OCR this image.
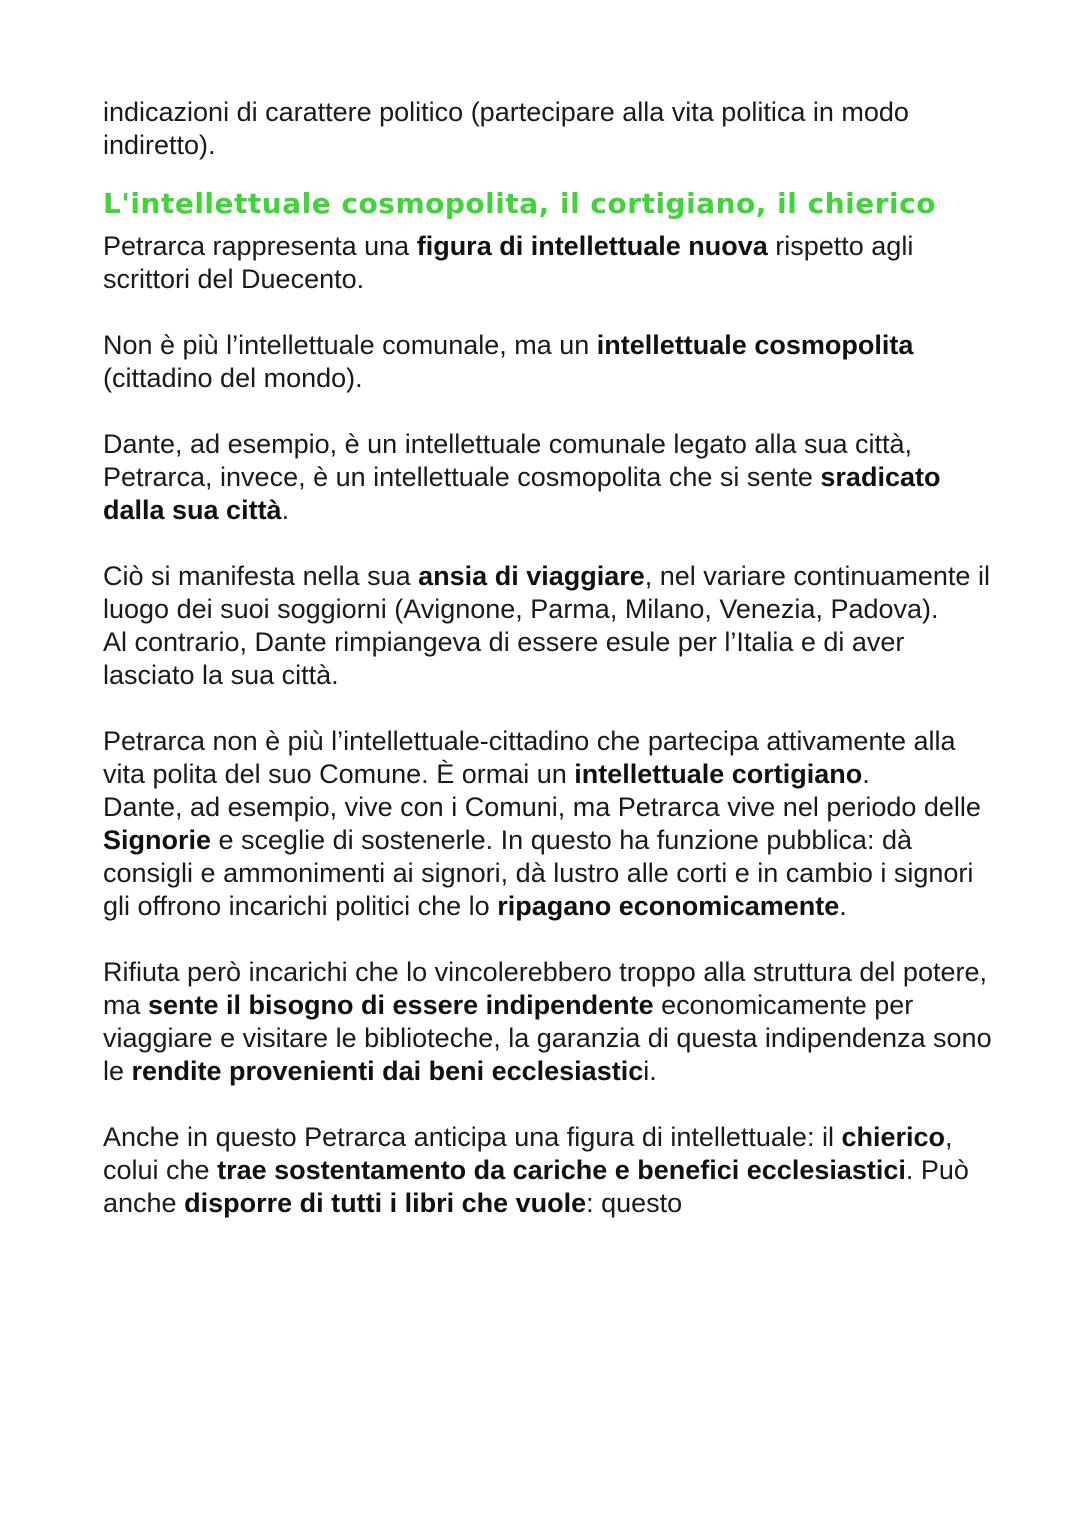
indicazioni di carattere politico (partecipare alla vita politica in modo indiretto).

L'intellettuale cosmopolita, il cortigiano, il chierico

Petrarca rappresenta una figura di intellettuale nuova rispetto agli scrittori del Duecento.

Non è più l’intellettuale comunale, ma un intellettuale cosmopolita (cittadino del mondo).

Dante, ad esempio, è un intellettuale comunale legato alla sua città, Petrarca, invece, è un intellettuale cosmopolita che si sente sradicato dalla sua città.

Ciò si manifesta nella sua ansia di viaggiare, nel variare continuamente il luogo dei suoi soggiorni (Avignone, Parma, Milano, Venezia, Padova).

Al contrario, Dante rimpiangeva di essere esule per l’Italia e di aver lasciato la sua città.

Petrarca non è più l’intellettuale-cittadino che partecipa attivamente alla vita polita del suo Comune. È ormai un intellettuale cortigiano.

Dante, ad esempio, vive con i Comuni, ma Petrarca vive nel periodo delle Signorie e sceglie di sostenerle. In questo ha funzione pubblica: dà consigli e ammonimenti ai signori, dà lustro alle corti e in cambio i signori gli offrono incarichi politici che lo ripagano economicamente.

Rifiuta però incarichi che lo vincolerebbero troppo alla struttura del potere, ma sente il bisogno di essere indipendente economicamente per viaggiare e visitare le biblioteche, la garanzia di questa indipendenza sono le rendite provenienti dai beni ecclesiastici.

Anche in questo Petrarca anticipa una figura di intellettuale: il chierico, colui che trae sostentamento da cariche e benefici ecclesiastici. Può anche disporre di tutti i libri che vuole: questo
